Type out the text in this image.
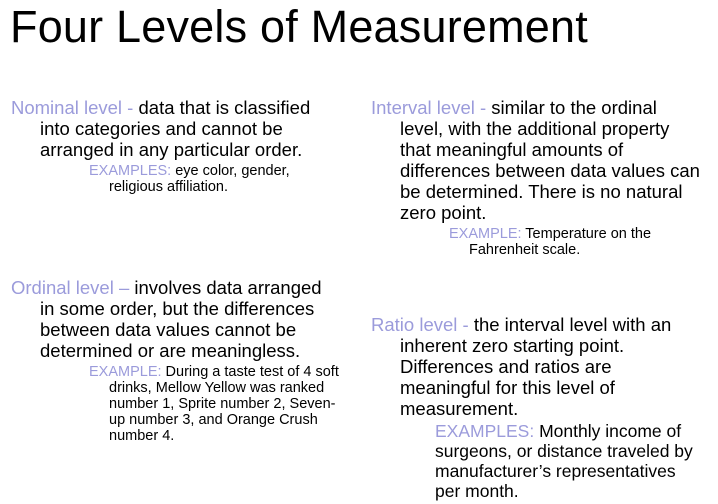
Four Levels of Measurement

Nominal level - data that is classified into categories and cannot be arranged in any particular order.

EXAMPLES: eye color, gender, religious affiliation.

Ordinal level – involves data arranged in some order, but the differences between data values cannot be determined or are meaningless.

EXAMPLE: During a taste test of 4 soft drinks, Mellow Yellow was ranked number 1, Sprite number 2, Seven-up number 3, and Orange Crush number 4.

Interval level - similar to the ordinal level, with the additional property that meaningful amounts of differences between data values can be determined. There is no natural zero point.

EXAMPLE: Temperature on the Fahrenheit scale.

Ratio level - the interval level with an inherent zero starting point. Differences and ratios are meaningful for this level of measurement.

EXAMPLES: Monthly income of surgeons, or distance traveled by manufacturer’s representatives per month.
